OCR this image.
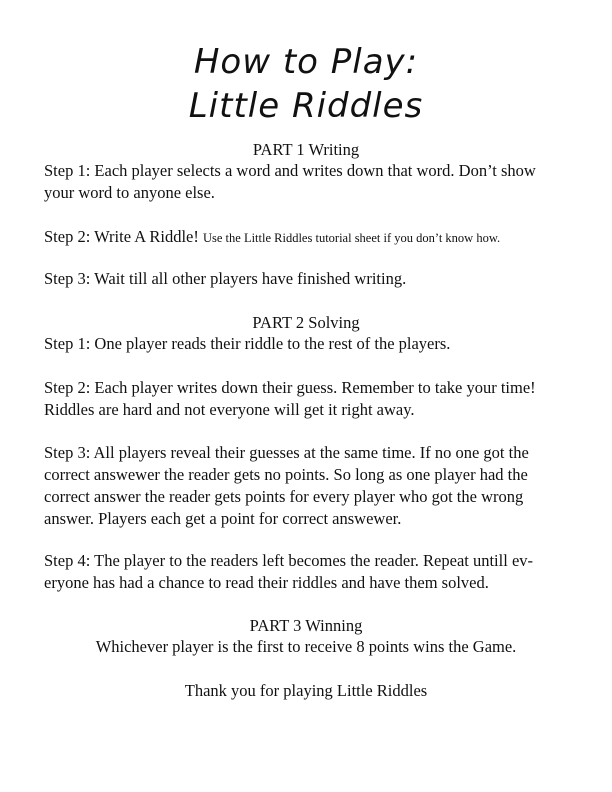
How to Play:
Little Riddles

PART 1 Writing

Step 1: Each player selects a word and writes down that word. Don’t show
your word to anyone else.

Step 2: Write A Riddle! Use the Little Riddles tutorial sheet if you don’t know how.

Step 3: Wait till all other players have finished writing.

PART 2 Solving

Step 1: One player reads their riddle to the rest of the players.

Step 2: Each player writes down their guess. Remember to take your time!
Riddles are hard and not everyone will get it right away.

Step 3: All players reveal their guesses at the same time. If no one got the
correct answewer the reader gets no points. So long as one player had the
correct answer the reader gets points for every player who got the wrong
answer. Players each get a point for correct answewer.

Step 4: The player to the readers left becomes the reader. Repeat untill ev-
eryone has had a chance to read their riddles and have them solved.

PART 3 Winning

Whichever player is the first to receive 8 points wins the Game.

Thank you for playing Little Riddles
